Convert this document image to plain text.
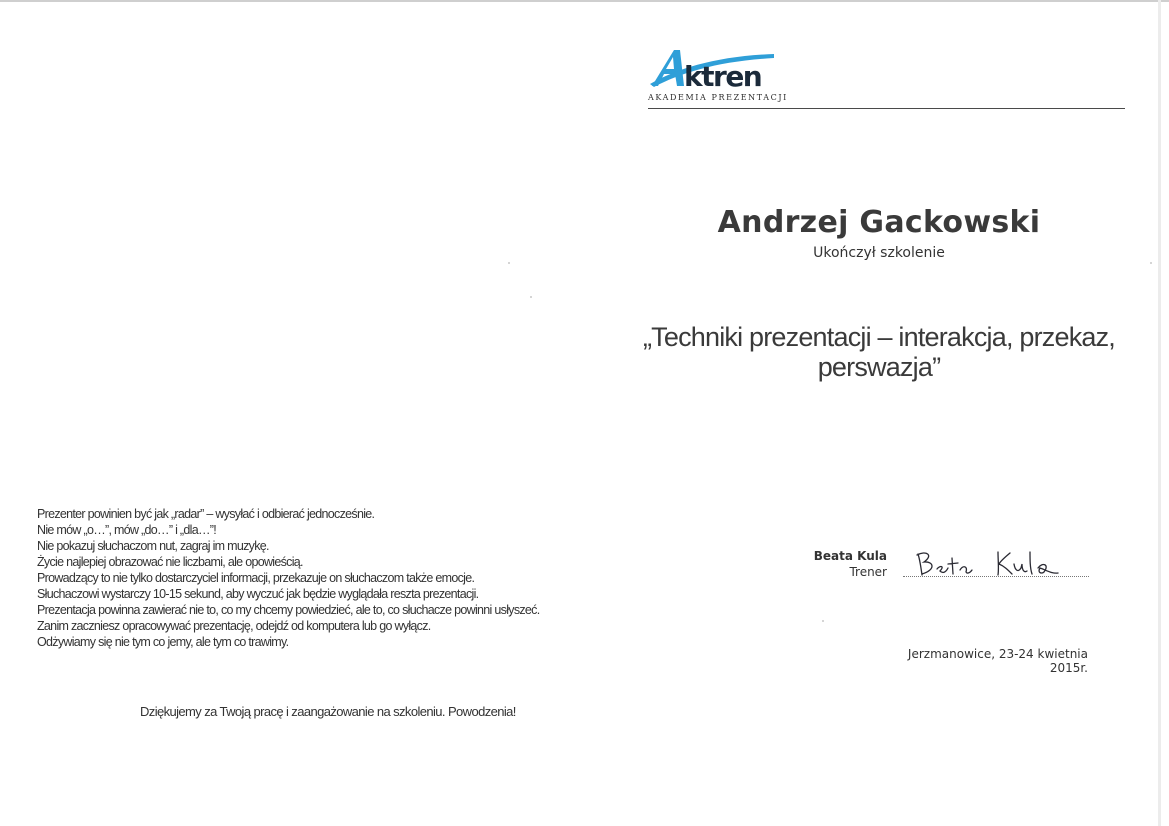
ktren
AKADEMIA PREZENTACJI
Andrzej Gackowski
Ukończył szkolenie
„Techniki prezentacji – interakcja, przekaz,
perswazja”
Beata Kula
Trener
Jerzmanowice, 23-24 kwietnia 2015r.
Prezenter powinien być jak „radar” – wysyłać i odbierać jednocześnie.
Nie mów „o…”, mów „do…” i „dla…”!
Nie pokazuj słuchaczom nut, zagraj im muzykę.
Życie najlepiej obrazować nie liczbami, ale opowieścią.
Prowadzący to nie tylko dostarczyciel informacji, przekazuje on słuchaczom także emocje.
Słuchaczowi wystarczy 10-15 sekund, aby wyczuć jak będzie wyglądała reszta prezentacji.
Prezentacja powinna zawierać nie to, co my chcemy powiedzieć, ale to, co słuchacze powinni usłyszeć.
Zanim zaczniesz opracowywać prezentację, odejdź od komputera lub go wyłącz.
Odżywiamy się nie tym co jemy, ale tym co trawimy.
Dziękujemy za Twoją pracę i zaangażowanie na szkoleniu. Powodzenia!
